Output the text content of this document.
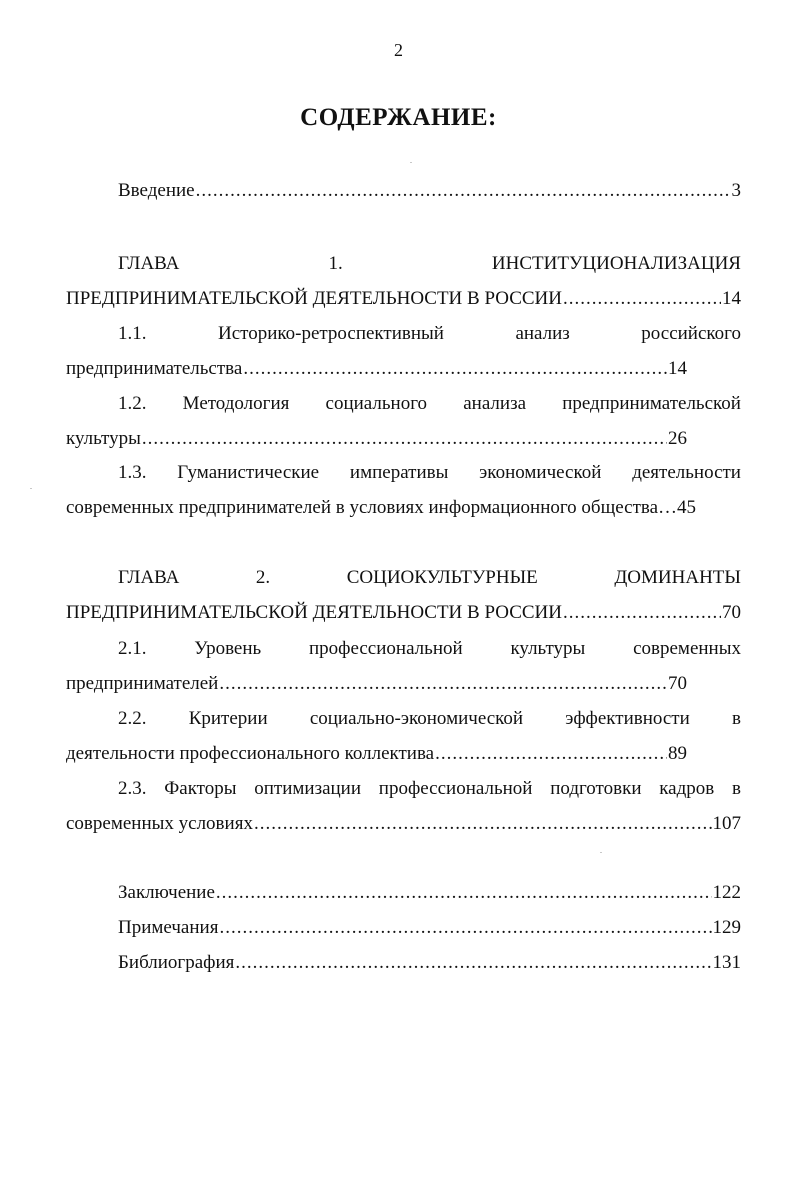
2
СОДЕРЖАНИЕ:
Введение .....	3
ГЛАВА	1.	ИНСТИТУЦИОНАЛИЗАЦИЯ
ПРЕДПРИНИМАТЕЛЬСКОЙ ДЕЯТЕЛЬНОСТИ В РОССИИ .....	14
1.1.	Историко-ретроспективный	анализ	российского
предпринимательства .....	14
1.2. Методология социального анализа предпринимательской
культуры .....	26
1.3. Гуманистические императивы экономической деятельности
современных предпринимателей в условиях информационного общества…45
ГЛАВА	2.	СОЦИОКУЛЬТУРНЫЕ	ДОМИНАНТЫ
ПРЕДПРИНИМАТЕЛЬСКОЙ ДЕЯТЕЛЬНОСТИ В РОССИИ .....	70
2.1.	Уровень	профессиональной	культуры	современных
предпринимателей .....	70
2.2. Критерии социально-экономической эффективности в
деятельности профессионального коллектива .....	89
2.3. Факторы оптимизации профессиональной подготовки кадров в
современных условиях .....	107
Заключение .....	122
Примечания .....	129
Библиография .....	131
